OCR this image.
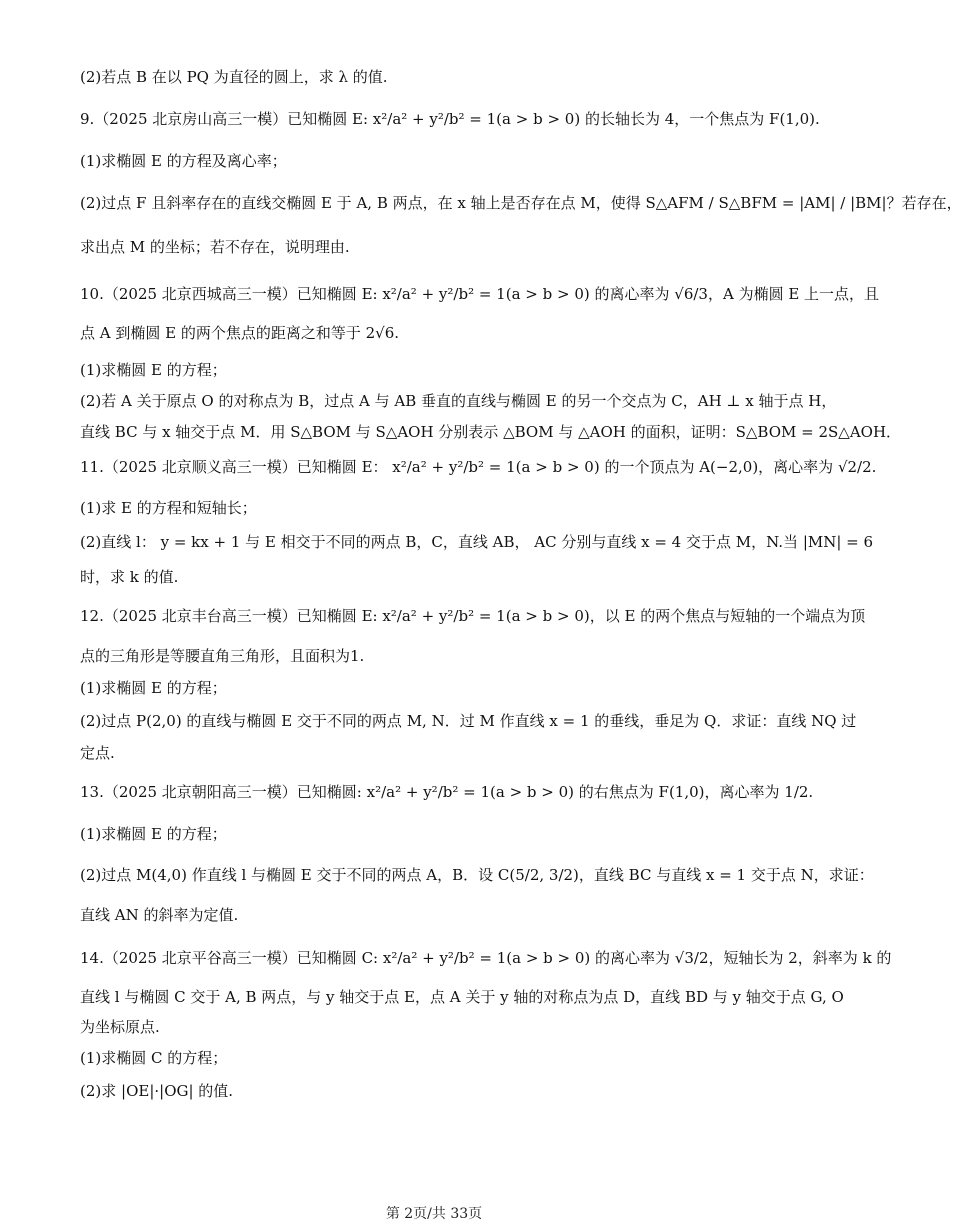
(2)若点 B 在以 PQ 为直径的圆上，求 λ 的值.
9.（2025 北京房山高三一模）已知椭圆 E: x²/a² + y²/b² = 1(a > b > 0) 的长轴长为 4，一个焦点为 F(1,0).
(1)求椭圆 E 的方程及离心率；
(2)过点 F 且斜率存在的直线交椭圆 E 于 A, B 两点，在 x 轴上是否存在点 M，使得 S△AFM / S△BFM = |AM| / |BM|？若存在，
求出点 M 的坐标；若不存在，说明理由.
10.（2025 北京西城高三一模）已知椭圆 E: x²/a² + y²/b² = 1(a > b > 0) 的离心率为 √6/3，A 为椭圆 E 上一点，且
点 A 到椭圆 E 的两个焦点的距离之和等于 2√6.
(1)求椭圆 E 的方程；
(2)若 A 关于原点 O 的对称点为 B，过点 A 与 AB 垂直的直线与椭圆 E 的另一个交点为 C，AH ⊥ x 轴于点 H，
直线 BC 与 x 轴交于点 M．用 S△BOM 与 S△AOH 分别表示 △BOM 与 △AOH 的面积，证明：S△BOM = 2S△AOH．
11.（2025 北京顺义高三一模）已知椭圆 E： x²/a² + y²/b² = 1(a > b > 0) 的一个顶点为 A(−2,0)，离心率为 √2/2.
(1)求 E 的方程和短轴长；
(2)直线 l： y = kx + 1 与 E 相交于不同的两点 B，C，直线 AB， AC 分别与直线 x = 4 交于点 M，N.当 |MN| = 6
时，求 k 的值.
12.（2025 北京丰台高三一模）已知椭圆 E: x²/a² + y²/b² = 1(a > b > 0)，以 E 的两个焦点与短轴的一个端点为顶
点的三角形是等腰直角三角形，且面积为1.
(1)求椭圆 E 的方程；
(2)过点 P(2,0) 的直线与椭圆 E 交于不同的两点 M, N．过 M 作直线 x = 1 的垂线，垂足为 Q．求证：直线 NQ 过
定点.
13.（2025 北京朝阳高三一模）已知椭圆: x²/a² + y²/b² = 1(a > b > 0) 的右焦点为 F(1,0)，离心率为 1/2.
(1)求椭圆 E 的方程；
(2)过点 M(4,0) 作直线 l 与椭圆 E 交于不同的两点 A，B．设 C(5/2, 3/2)，直线 BC 与直线 x = 1 交于点 N，求证：
直线 AN 的斜率为定值.
14.（2025 北京平谷高三一模）已知椭圆 C: x²/a² + y²/b² = 1(a > b > 0) 的离心率为 √3/2，短轴长为 2，斜率为 k 的
直线 l 与椭圆 C 交于 A, B 两点，与 y 轴交于点 E，点 A 关于 y 轴的对称点为点 D，直线 BD 与 y 轴交于点 G, O
为坐标原点.
(1)求椭圆 C 的方程；
(2)求 |OE|·|OG| 的值.
第 2页/共 33页
